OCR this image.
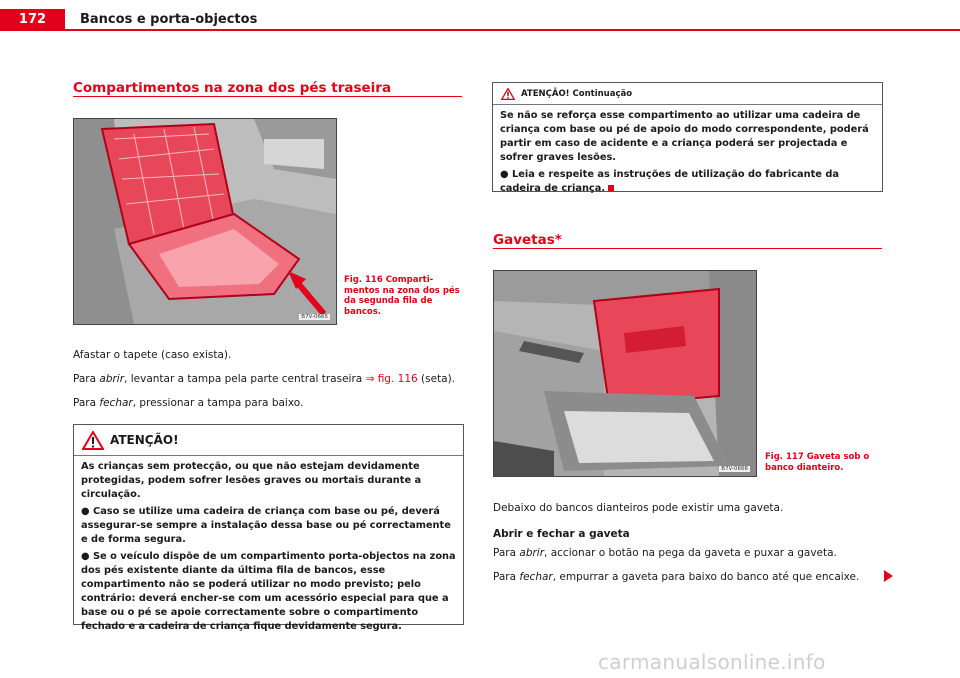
172	Bancos e porta-objectos
Compartimentos na zona dos pés traseira
B7V-0665
Fig. 116 Comparti-
mentos na zona dos pés
da segunda fila de
bancos.
Afastar o tapete (caso exista).
Para abrir, levantar a tampa pela parte central traseira ⇒ fig. 116 (seta).
Para fechar, pressionar a tampa para baixo.
ATENÇÃO!

As crianças sem protecção, ou que não estejam devidamente protegidas, podem sofrer lesões graves ou mortais durante a circulação.

● Caso se utilize uma cadeira de criança com base ou pé, deverá assegurar-se sempre a instalação dessa base ou pé correctamente e de forma segura.

● Se o veículo dispõe de um compartimento porta-objectos na zona dos pés existente diante da última fila de bancos, esse compartimento não se poderá utilizar no modo previsto; pelo contrário: deverá encher-se com um acessório especial para que a base ou o pé se apoie correctamente sobre o compartimento fechado e a cadeira de criança fique devidamente segura.

ATENÇÃO! Continuação

Se não se reforça esse compartimento ao utilizar uma cadeira de criança com base ou pé de apoio do modo correspondente, poderá partir em caso de acidente e a criança poderá ser projectada e sofrer graves lesões.

● Leia e respeite as instruções de utilização do fabricante da cadeira de criança.

Gavetas*
B7V-0666
Fig. 117 Gaveta sob o
banco dianteiro.
Debaixo do bancos dianteiros pode existir uma gaveta.
Abrir e fechar a gaveta
Para abrir, accionar o botão na pega da gaveta e puxar a gaveta.
Para fechar, empurrar a gaveta para baixo do banco até que encaixe.
carmanualsonline.info
